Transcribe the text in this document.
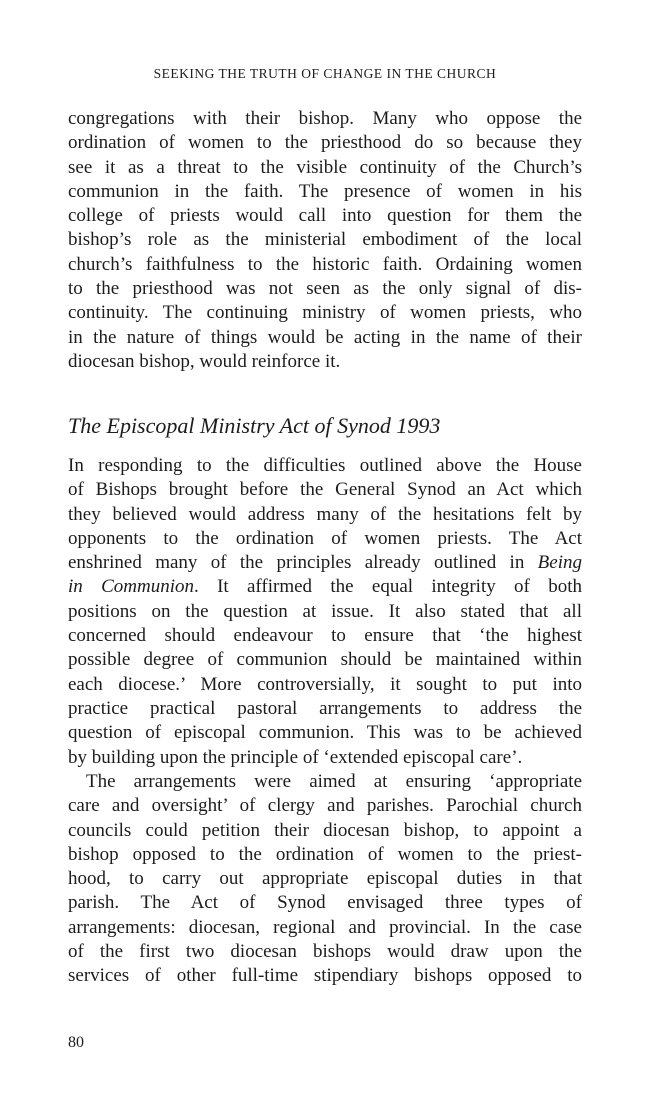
SEEKING THE TRUTH OF CHANGE IN THE CHURCH
congregations with their bishop. Many who oppose the
ordination of women to the priesthood do so because they
see it as a threat to the visible continuity of the Church’s
communion in the faith. The presence of women in his
college of priests would call into question for them the
bishop’s role as the ministerial embodiment of the local
church’s faithfulness to the historic faith. Ordaining women
to the priesthood was not seen as the only signal of dis-
continuity. The continuing ministry of women priests, who
in the nature of things would be acting in the name of their
diocesan bishop, would reinforce it.
The Episcopal Ministry Act of Synod 1993
In responding to the difficulties outlined above the House
of Bishops brought before the General Synod an Act which
they believed would address many of the hesitations felt by
opponents to the ordination of women priests. The Act
enshrined many of the principles already outlined in Being
in Communion. It affirmed the equal integrity of both
positions on the question at issue. It also stated that all
concerned should endeavour to ensure that ‘the highest
possible degree of communion should be maintained within
each diocese.’ More controversially, it sought to put into
practice practical pastoral arrangements to address the
question of episcopal communion. This was to be achieved
by building upon the principle of ‘extended episcopal care’.
The arrangements were aimed at ensuring ‘appropriate
care and oversight’ of clergy and parishes. Parochial church
councils could petition their diocesan bishop, to appoint a
bishop opposed to the ordination of women to the priest-
hood, to carry out appropriate episcopal duties in that
parish. The Act of Synod envisaged three types of
arrangements: diocesan, regional and provincial. In the case
of the first two diocesan bishops would draw upon the
services of other full-time stipendiary bishops opposed to
80
